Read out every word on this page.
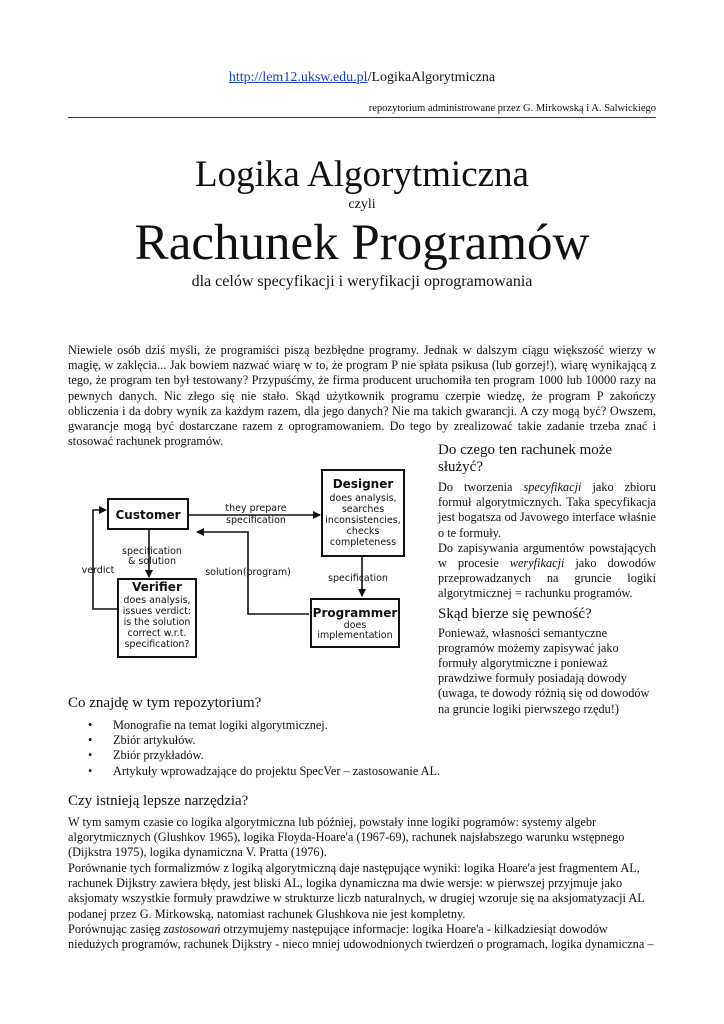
http://lem12.uksw.edu.pl/LogikaAlgorytmiczna
repozytorium administrowane przez G. Mirkowską i A. Salwickiego
Logika Algorytmiczna
czyli
Rachunek Programów
dla celów specyfikacji i weryfikacji oprogramowania

Niewiele osób dziś myśli, że programiści piszą bezbłędne programy. Jednak w dalszym ciągu większość wierzy w magię, w zaklęcia... Jak bowiem nazwać wiarę w to, że program P nie spłata psikusa (lub gorzej!), wiarę wynikającą z tego, że program ten był testowany? Przypuśćmy, że firma producent uruchomiła ten program 1000 lub 10000 razy na pewnych danych. Nic złego się nie stało. Skąd użytkownik programu czerpie wiedzę, że program P zakończy obliczenia i da dobry wynik za każdym razem, dla jego danych? Nie ma takich gwarancji. A czy mogą być? Owszem, gwarancje mogą być dostarczane razem z oprogramowaniem. Do tego by zrealizować takie zadanie trzeba znać i stosować rachunek programów.

Do czego ten rachunek może służyć?

Do tworzenia specyfikacji jako zbioru formuł algorytmicznych. Taka specyfikacja jest bogatsza od Javowego interface właśnie o te formuły.

Do zapisywania argumentów powstających w procesie weryfikacji jako dowodów przeprowadzanych na gruncie logiki algorytmicznej = rachunku programów.

Skąd bierze się pewność?

Ponieważ, własności semantyczne programów możemy zapisywać jako formuły algorytmiczne i ponieważ prawdziwe formuły posiadają dowody (uwaga, te dowody różnią się od dowodów na gruncie logiki pierwszego rzędu!)

Designer
does analysis,
searches
inconsistencies,
checks
completeness
Customer
Verifier
does analysis,
issues verdict:
is the solution
correct w.r.t.
specification?
Programmer
does
implementation
they prepare
specification
specification
& solution
verdict	solution(program)
specification
Co znajdę w tym repozytorium?
• Monografie na temat logiki algorytmicznej.
• Zbiór artykułów.
• Zbiór przykładów.
• Artykuły wprowadzające do projektu SpecVer – zastosowanie AL.
Czy istnieją lepsze narzędzia?

W tym samym czasie co logika algorytmiczna lub później, powstały inne logiki pogramów: systemy algebr algorytmicznych (Glushkov 1965), logika Floyda-Hoare'a (1967-69), rachunek najsłabszego warunku wstępnego (Dijkstra 1975), logika dynamiczna V. Pratta (1976).

Porównanie tych formalizmów z logiką algorytmiczną daje następujące wyniki: logika Hoare'a jest fragmentem AL, rachunek Dijkstry zawiera błędy, jest bliski AL, logika dynamiczna ma dwie wersje: w pierwszej przyjmuje jako aksjomaty wszystkie formuły prawdziwe w strukturze liczb naturalnych, w drugiej wzoruje się na aksjomatyzacji AL podanej przez G. Mirkowską, natomiast rachunek Glushkova nie jest kompletny.

Porównując zasięg zastosowań otrzymujemy następujące informacje: logika Hoare'a - kilkadziesiąt dowodów niedużych programów, rachunek Dijkstry - nieco mniej udowodnionych twierdzeń o programach, logika dynamiczna –
